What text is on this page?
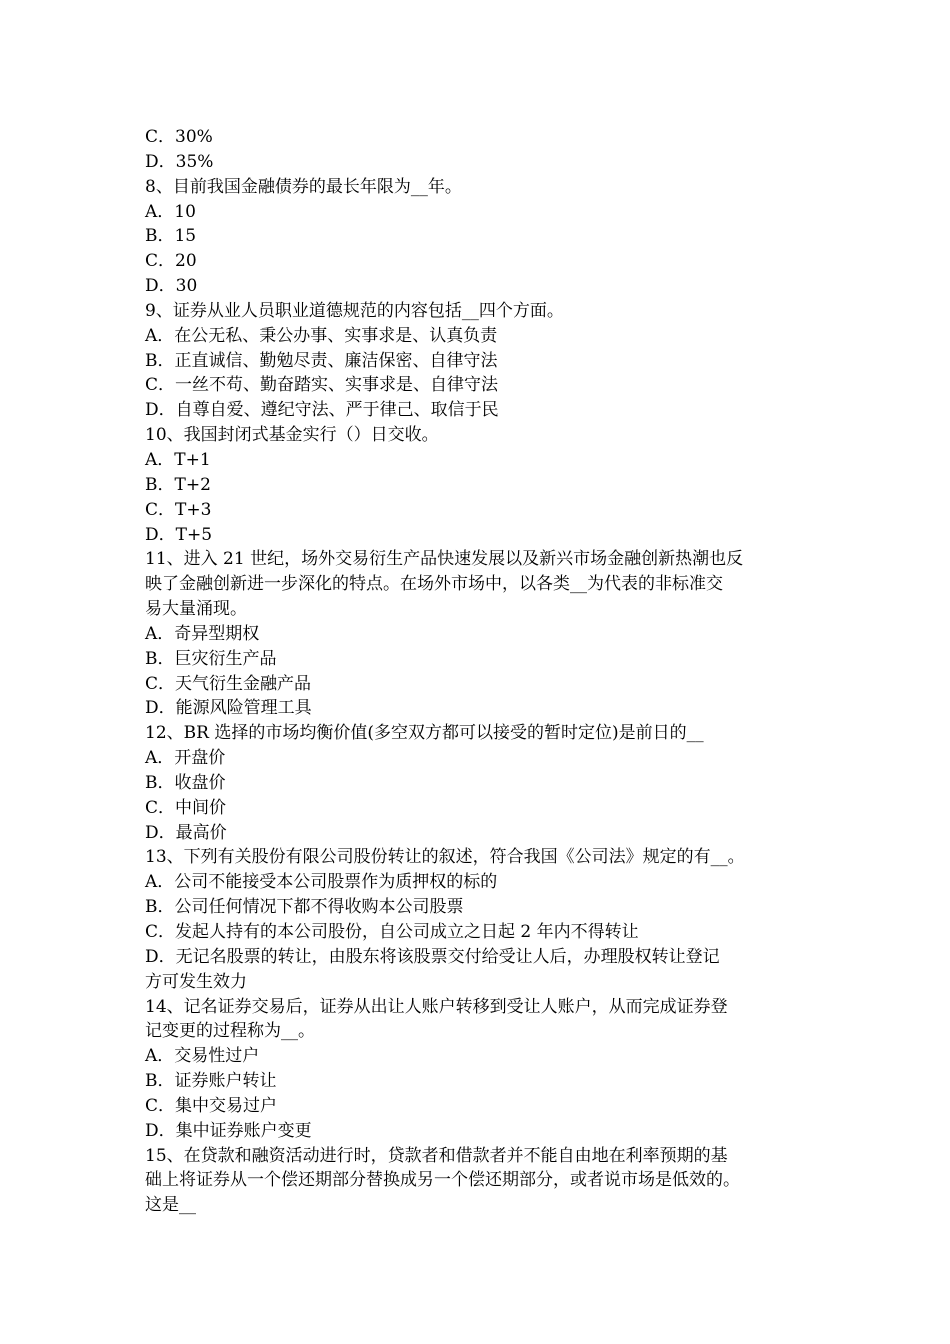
C．30%
D．35%
8、目前我国金融债券的最长年限为__年。
A．10
B．15
C．20
D．30
9、证券从业人员职业道德规范的内容包括__四个方面。
A．在公无私、秉公办事、实事求是、认真负责
B．正直诚信、勤勉尽责、廉洁保密、自律守法
C．一丝不苟、勤奋踏实、实事求是、自律守法
D．自尊自爱、遵纪守法、严于律己、取信于民
10、我国封闭式基金实行（）日交收。
A．T+1
B．T+2
C．T+3
D．T+5
11、进入 21 世纪，场外交易衍生产品快速发展以及新兴市场金融创新热潮也反
映了金融创新进一步深化的特点。在场外市场中，以各类__为代表的非标准交
易大量涌现。
A．奇异型期权
B．巨灾衍生产品
C．天气衍生金融产品
D．能源风险管理工具
12、BR 选择的市场均衡价值(多空双方都可以接受的暂时定位)是前日的__
A．开盘价
B．收盘价
C．中间价
D．最高价
13、下列有关股份有限公司股份转让的叙述，符合我国《公司法》规定的有__。
A．公司不能接受本公司股票作为质押权的标的
B．公司任何情况下都不得收购本公司股票
C．发起人持有的本公司股份，自公司成立之日起 2 年内不得转让
D．无记名股票的转让，由股东将该股票交付给受让人后，办理股权转让登记
方可发生效力
14、记名证券交易后，证券从出让人账户转移到受让人账户，从而完成证券登
记变更的过程称为__。
A．交易性过户
B．证券账户转让
C．集中交易过户
D．集中证券账户变更
15、在贷款和融资活动进行时，贷款者和借款者并不能自由地在利率预期的基
础上将证券从一个偿还期部分替换成另一个偿还期部分，或者说市场是低效的。
这是__
